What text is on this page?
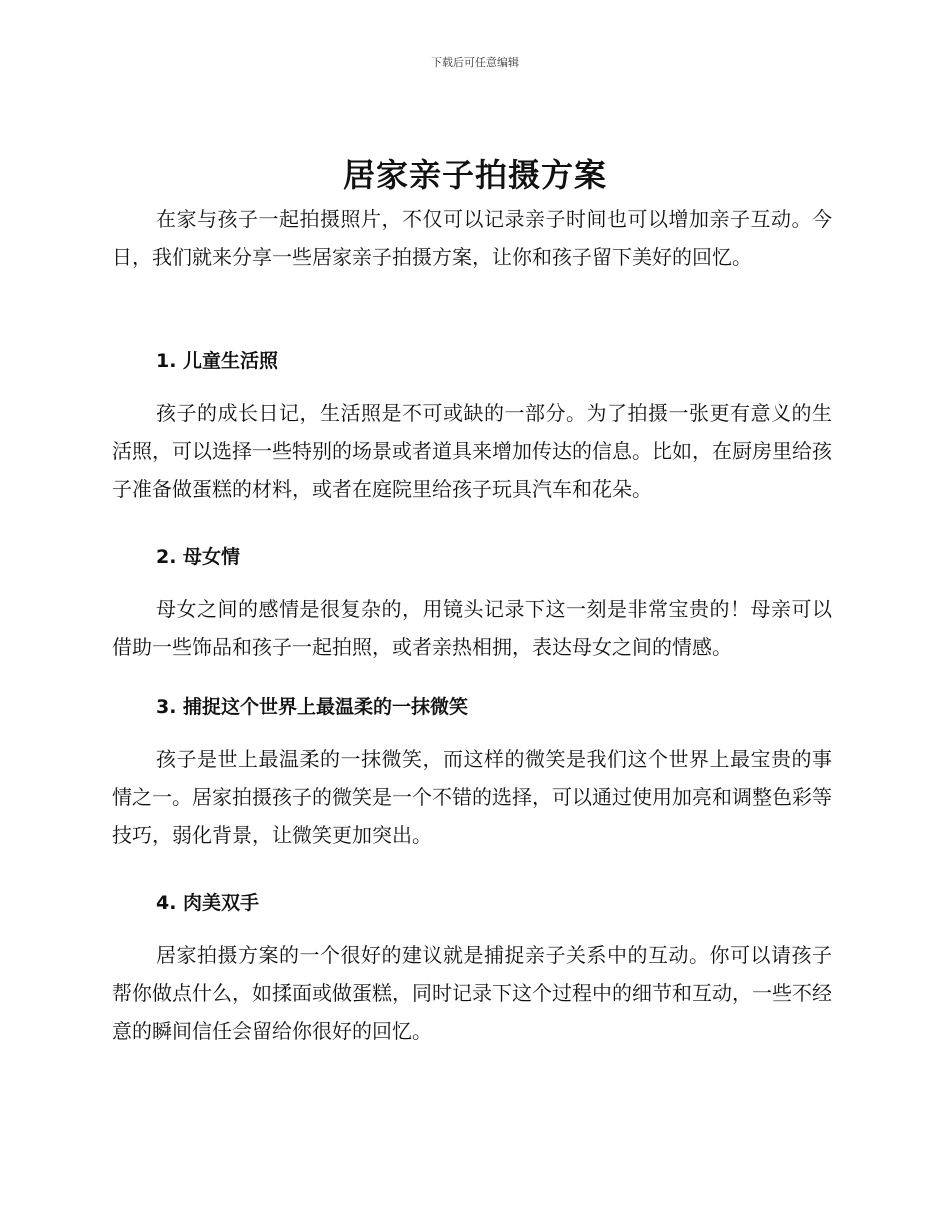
下载后可任意编辑
居家亲子拍摄方案

在家与孩子一起拍摄照片，不仅可以记录亲子时间也可以增加亲子互动。今日，我们就来分享一些居家亲子拍摄方案，让你和孩子留下美好的回忆。

1. 儿童生活照

孩子的成长日记，生活照是不可或缺的一部分。为了拍摄一张更有意义的生活照，可以选择一些特别的场景或者道具来增加传达的信息。比如，在厨房里给孩子准备做蛋糕的材料，或者在庭院里给孩子玩具汽车和花朵。

2. 母女情

母女之间的感情是很复杂的，用镜头记录下这一刻是非常宝贵的！母亲可以借助一些饰品和孩子一起拍照，或者亲热相拥，表达母女之间的情感。

3. 捕捉这个世界上最温柔的一抹微笑

孩子是世上最温柔的一抹微笑，而这样的微笑是我们这个世界上最宝贵的事情之一。居家拍摄孩子的微笑是一个不错的选择，可以通过使用加亮和调整色彩等技巧，弱化背景，让微笑更加突出。

4. 肉美双手

居家拍摄方案的一个很好的建议就是捕捉亲子关系中的互动。你可以请孩子帮你做点什么，如揉面或做蛋糕，同时记录下这个过程中的细节和互动，一些不经意的瞬间信任会留给你很好的回忆。
